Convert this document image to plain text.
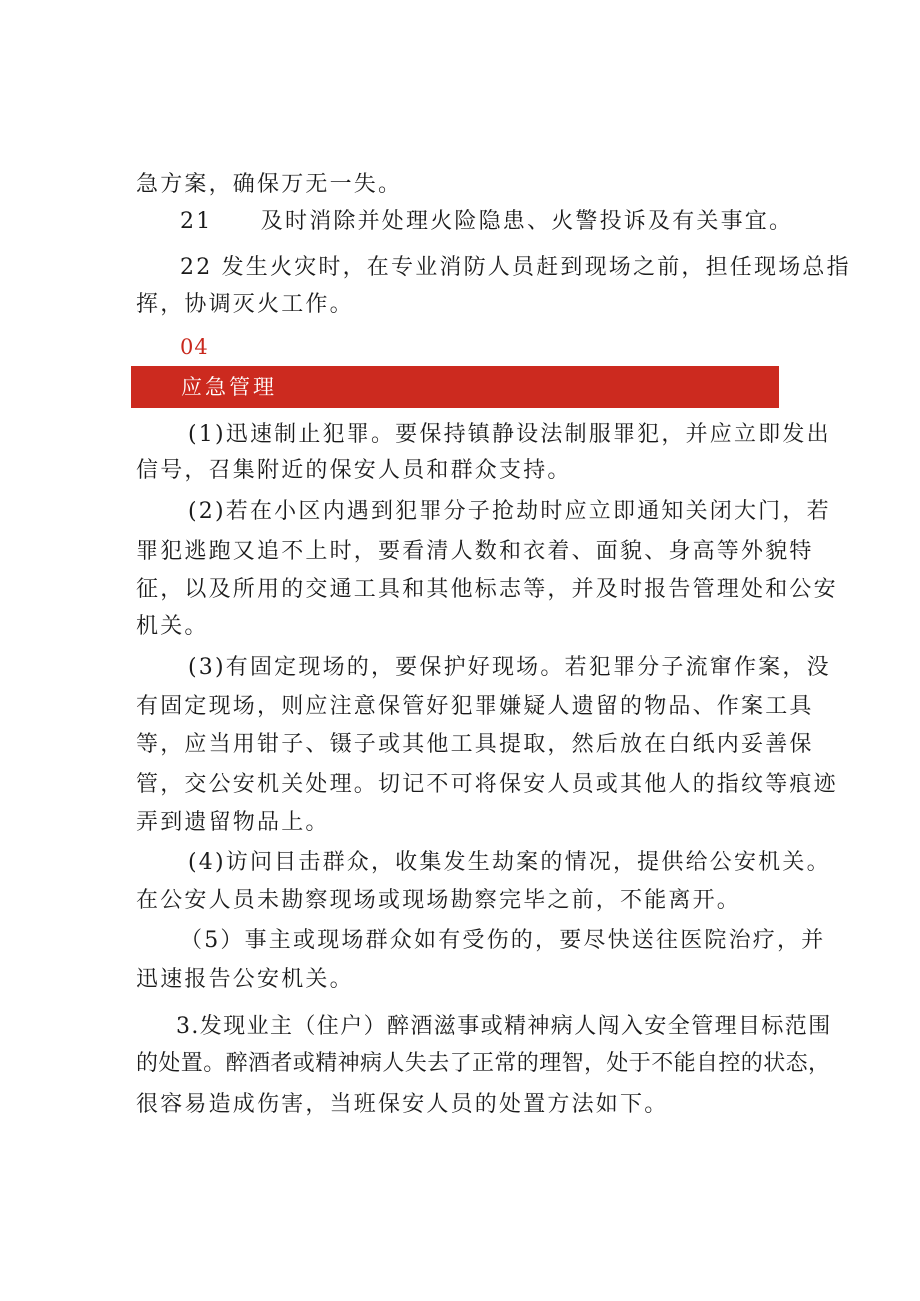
急方案，确保万无一失。
21　　及时消除并处理火险隐患、火警投诉及有关事宜。
22 发生火灾时，在专业消防人员赶到现场之前，担任现场总指
挥，协调灭火工作。
04
应急管理
(1)迅速制止犯罪。要保持镇静设法制服罪犯，并应立即发出
信号，召集附近的保安人员和群众支持。
(2)若在小区内遇到犯罪分子抢劫时应立即通知关闭大门，若
罪犯逃跑又追不上时，要看清人数和衣着、面貌、身高等外貌特
征，以及所用的交通工具和其他标志等，并及时报告管理处和公安
机关。
(3)有固定现场的，要保护好现场。若犯罪分子流窜作案，没
有固定现场，则应注意保管好犯罪嫌疑人遗留的物品、作案工具
等，应当用钳子、镊子或其他工具提取，然后放在白纸内妥善保
管，交公安机关处理。切记不可将保安人员或其他人的指纹等痕迹
弄到遗留物品上。
(4)访问目击群众，收集发生劫案的情况，提供给公安机关。
在公安人员未勘察现场或现场勘察完毕之前，不能离开。
（5）事主或现场群众如有受伤的，要尽快送往医院治疗，并
迅速报告公安机关。
3.发现业主（住户）醉酒滋事或精神病人闯入安全管理目标范围
的处置。醉酒者或精神病人失去了正常的理智，处于不能自控的状态，
很容易造成伤害，当班保安人员的处置方法如下。
